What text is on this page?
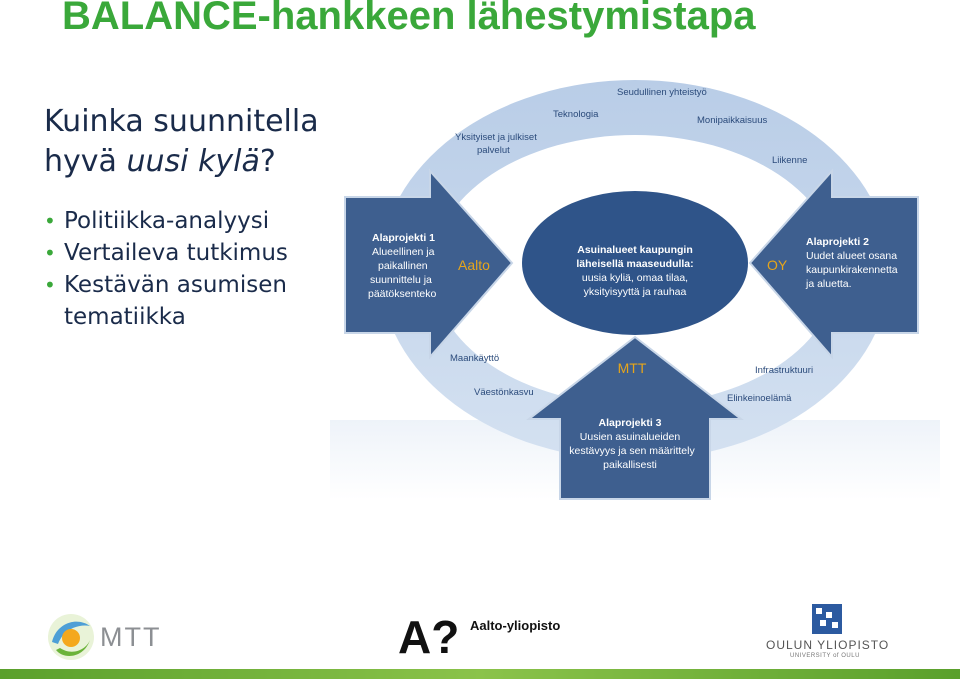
BALANCE-hankkeen lähestymistapa
Kuinka suunnitella
hyvä uusi kylä?
• Politiikka-analyysi
• Vertaileva tutkimus
• Kestävän asumisen tematiikka
Yksityiset ja julkiset
palvelut
Teknologia
Seudullinen yhteistyö
Monipaikkaisuus
Liikenne
Maankäyttö
Väestönkasvu
Infrastruktuuri
Elinkeinoelämä
Asuinalueet kaupungin
läheisellä maaseudulla:
uusia kyliä, omaa tilaa,
yksityisyyttä ja rauhaa
Alaprojekti 1
Alueellinen ja
paikallinen
suunnittelu ja
päätöksenteko
Aalto
Alaprojekti 2
Uudet alueet osana
kaupunkirakennetta
ja aluetta.
OY
MTT
Alaprojekti 3
Uusien asuinalueiden
kestävyys ja sen määrittely
paikallisesti
MTT	A? Aalto-yliopisto
OULUN YLIOPISTO
UNIVERSITY of OULU
